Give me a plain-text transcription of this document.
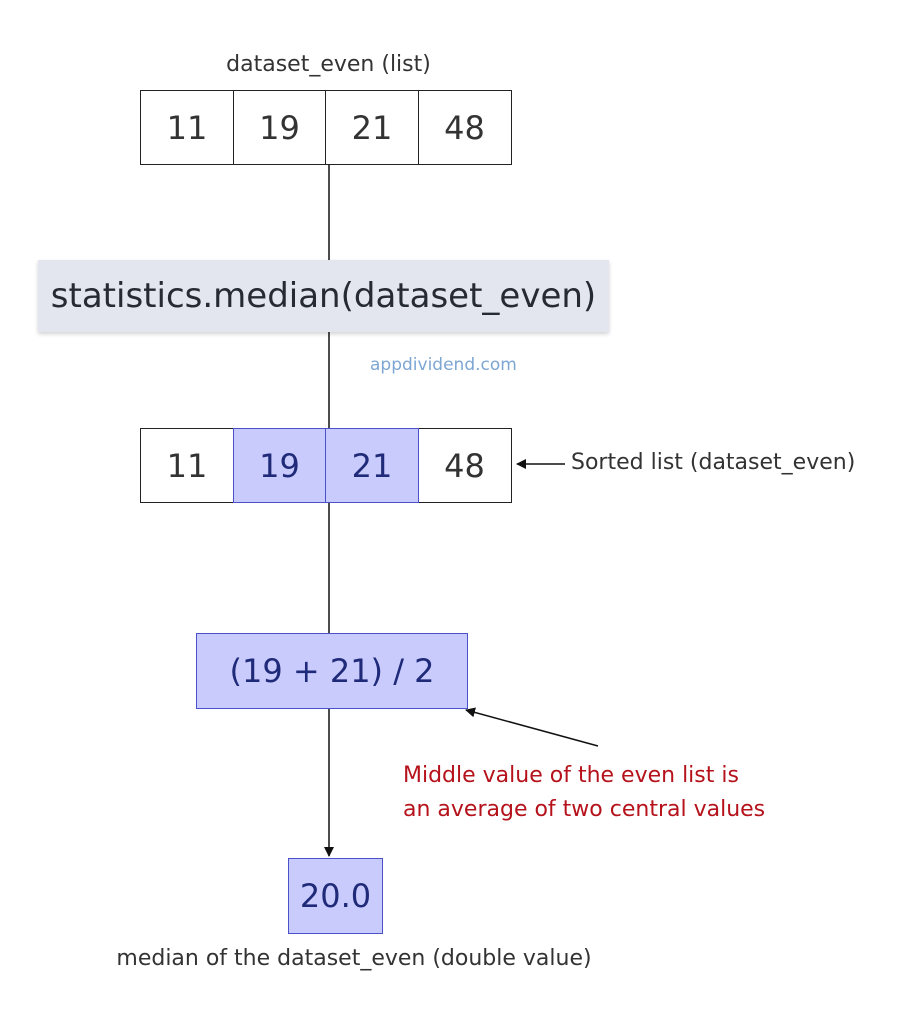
dataset_even (list)
11	19	21	48
statistics.median(dataset_even)
appdividend.com
11	19	21	48	Sorted list (dataset_even)
(19 + 21) / 2
Middle value of the even list is
an average of two central values
20.0
median of the dataset_even (double value)
